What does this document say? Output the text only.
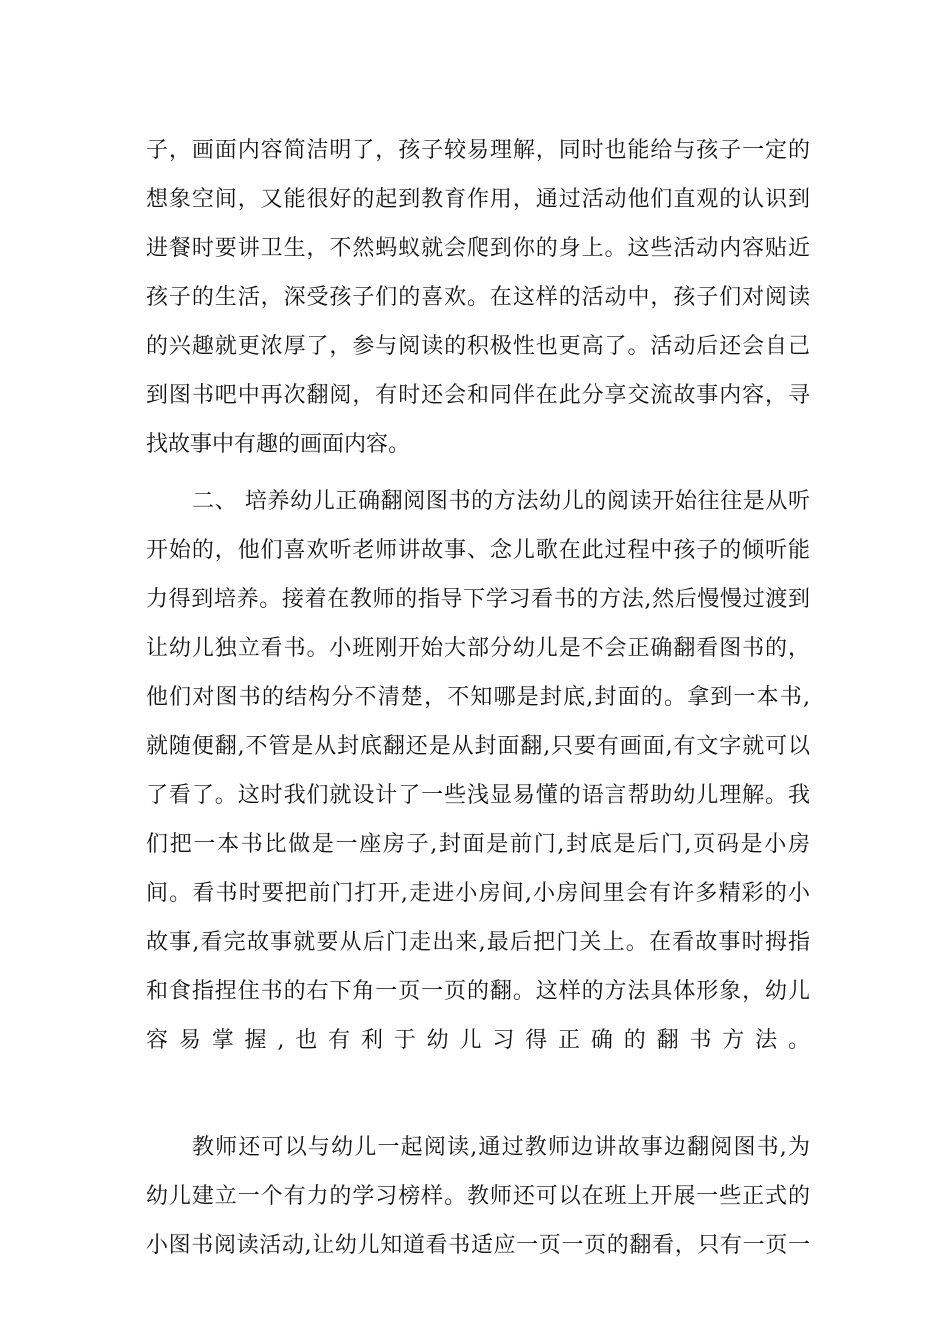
子，画面内容简洁明了，孩子较易理解，同时也能给与孩子一定的
想象空间，又能很好的起到教育作用，通过活动他们直观的认识到
进餐时要讲卫生，不然蚂蚁就会爬到你的身上。这些活动内容贴近
孩子的生活，深受孩子们的喜欢。在这样的活动中，孩子们对阅读
的兴趣就更浓厚了，参与阅读的积极性也更高了。活动后还会自己
到图书吧中再次翻阅，有时还会和同伴在此分享交流故事内容，寻
找故事中有趣的画面内容。
二、 培养幼儿正确翻阅图书的方法幼儿的阅读开始往往是从听
开始的，他们喜欢听老师讲故事、念儿歌在此过程中孩子的倾听能
力得到培养。接着在教师的指导下学习看书的方法,然后慢慢过渡到
让幼儿独立看书。小班刚开始大部分幼儿是不会正确翻看图书的，
他们对图书的结构分不清楚，不知哪是封底,封面的。拿到一本书,
就随便翻,不管是从封底翻还是从封面翻,只要有画面,有文字就可以
了看了。这时我们就设计了一些浅显易懂的语言帮助幼儿理解。我
们把一本书比做是一座房子,封面是前门,封底是后门,页码是小房
间。看书时要把前门打开,走进小房间,小房间里会有许多精彩的小
故事,看完故事就要从后门走出来,最后把门关上。在看故事时拇指
和食指捏住书的右下角一页一页的翻。这样的方法具体形象，幼儿
容易掌握,也有利于幼儿习得正确的翻书方法。
教师还可以与幼儿一起阅读,通过教师边讲故事边翻阅图书,为
幼儿建立一个有力的学习榜样。教师还可以在班上开展一些正式的
小图书阅读活动,让幼儿知道看书适应一页一页的翻看，只有一页一
